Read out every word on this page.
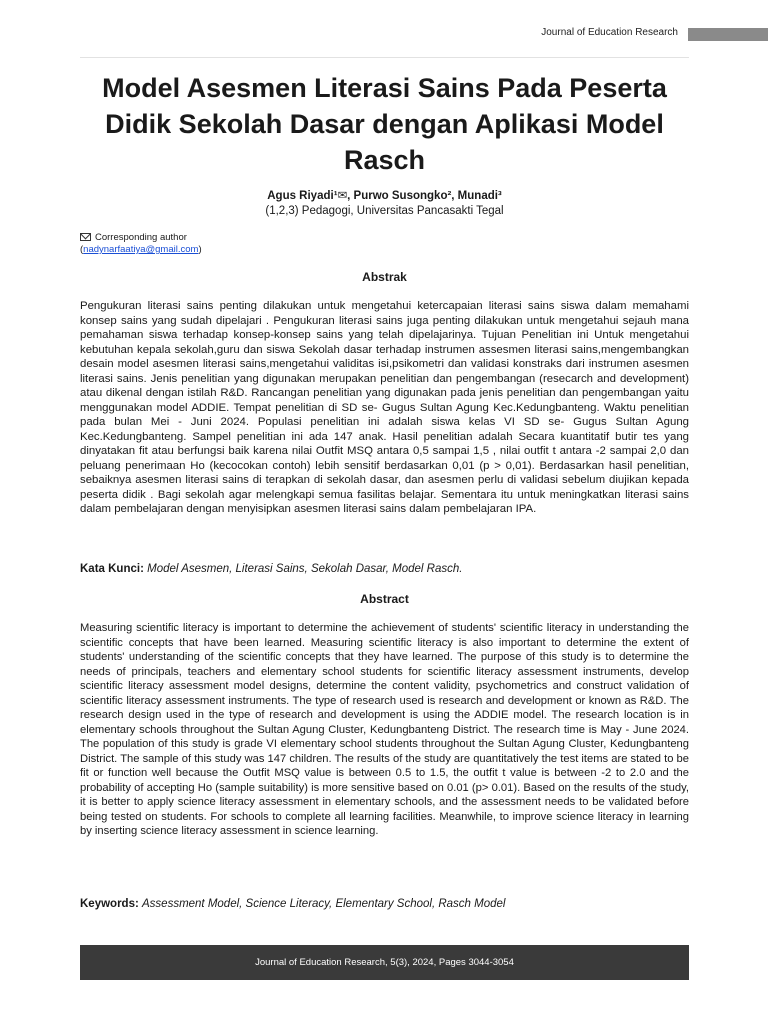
Journal of Education Research
Model Asesmen Literasi Sains Pada Peserta Didik Sekolah Dasar dengan Aplikasi Model Rasch
Agus Riyadi¹✉, Purwo Susongko², Munadi³
(1,2,3) Pedagogi, Universitas Pancasakti Tegal
Corresponding author
(nadynarfaatiya@gmail.com)
Abstrak

Pengukuran literasi sains penting dilakukan untuk mengetahui ketercapaian literasi sains siswa dalam memahami konsep sains yang sudah dipelajari . Pengukuran literasi sains juga penting dilakukan untuk mengetahui sejauh mana pemahaman siswa terhadap konsep-konsep sains yang telah dipelajarinya. Tujuan Penelitian ini Untuk mengetahui kebutuhan kepala sekolah,guru dan siswa Sekolah dasar terhadap instrumen assesmen literasi sains,mengembangkan desain model asesmen literasi sains,mengetahui validitas isi,psikometri dan validasi konstraks dari instrumen asesmen literasi sains. Jenis penelitian yang digunakan merupakan penelitian dan pengembangan (resecarch and development) atau dikenal dengan istilah R&D. Rancangan penelitian yang digunakan pada jenis penelitian dan pengembangan yaitu menggunakan model ADDIE. Tempat penelitian di SD se- Gugus Sultan Agung Kec.Kedungbanteng. Waktu penelitian pada bulan Mei - Juni 2024. Populasi penelitian ini adalah siswa kelas VI SD se- Gugus Sultan Agung Kec.Kedungbanteng. Sampel penelitian ini ada 147 anak. Hasil penelitian adalah Secara kuantitatif butir tes yang dinyatakan fit atau berfungsi baik karena nilai Outfit MSQ antara 0,5 sampai 1,5 , nilai outfit t antara -2 sampai 2,0 dan peluang penerimaan Ho (kecocokan contoh) lebih sensitif berdasarkan 0,01 (p > 0,01). Berdasarkan hasil penelitian, sebaiknya asesmen literasi sains di terapkan di sekolah dasar, dan asesmen perlu di validasi sebelum diujikan kepada peserta didik . Bagi sekolah agar melengkapi semua fasilitas belajar. Sementara itu untuk meningkatkan literasi sains dalam pembelajaran dengan menyisipkan asesmen literasi sains dalam pembelajaran IPA.

Kata Kunci: Model Asesmen, Literasi Sains, Sekolah Dasar, Model Rasch.
Abstract

Measuring scientific literacy is important to determine the achievement of students' scientific literacy in understanding the scientific concepts that have been learned. Measuring scientific literacy is also important to determine the extent of students' understanding of the scientific concepts that they have learned. The purpose of this study is to determine the needs of principals, teachers and elementary school students for scientific literacy assessment instruments, develop scientific literacy assessment model designs, determine the content validity, psychometrics and construct validation of scientific literacy assessment instruments. The type of research used is research and development or known as R&D. The research design used in the type of research and development is using the ADDIE model. The research location is in elementary schools throughout the Sultan Agung Cluster, Kedungbanteng District. The research time is May - June 2024. The population of this study is grade VI elementary school students throughout the Sultan Agung Cluster, Kedungbanteng District. The sample of this study was 147 children. The results of the study are quantitatively the test items are stated to be fit or function well because the Outfit MSQ value is between 0.5 to 1.5, the outfit t value is between -2 to 2.0 and the probability of accepting Ho (sample suitability) is more sensitive based on 0.01 (p> 0.01). Based on the results of the study, it is better to apply science literacy assessment in elementary schools, and the assessment needs to be validated before being tested on students. For schools to complete all learning facilities. Meanwhile, to improve science literacy in learning by inserting science literacy assessment in science learning.

Keywords: Assessment Model, Science Literacy, Elementary School, Rasch Model
Journal of Education Research, 5(3), 2024, Pages 3044-3054
